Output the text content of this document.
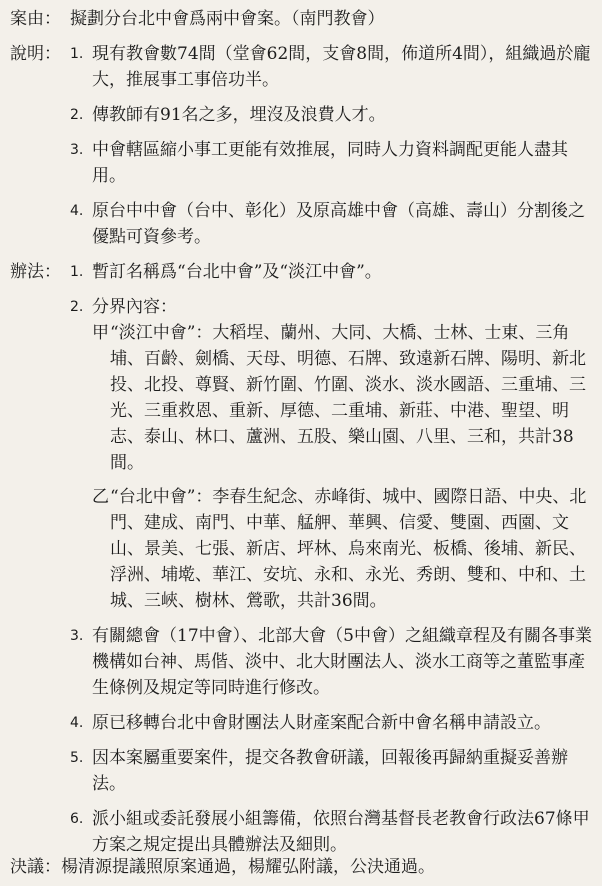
案由： 擬劃分台北中會爲兩中會案。（南門教會）
說明： 1. 現有教會數74間（堂會62間，支會8間，佈道所4間），組織過於龐大，推展事工事倍功半。
2. 傳教師有91名之多，埋沒及浪費人才。
3. 中會轄區縮小事工更能有效推展，同時人力資料調配更能人盡其用。
4. 原台中中會（台中、彰化）及原高雄中會（高雄、壽山）分割後之優點可資參考。
辦法： 1. 暫訂名稱爲“台北中會”及“淡江中會”。
2. 分界內容：
甲 “淡江中會”：大稻埕、蘭州、大同、大橋、士林、士東、三角埔、百齡、劍橋、天母、明德、石牌、致遠新石牌、陽明、新北投、北投、尊賢、新竹圍、竹圍、淡水、淡水國語、三重埔、三光、三重救恩、重新、厚德、二重埔、新莊、中港、聖望、明志、泰山、林口、蘆洲、五股、樂山園、八里、三和，共計38間。
乙 “台北中會”：李春生紀念、赤峰街、城中、國際日語、中央、北門、建成、南門、中華、艋舺、華興、信愛、雙園、西園、文山、景美、七張、新店、坪林、烏來南光、板橋、後埔、新民、浮洲、埔墘、華江、安坑、永和、永光、秀朗、雙和、中和、土城、三峽、樹林、鶯歌，共計36間。
3. 有關總會（17中會）、北部大會（5中會）之組織章程及有關各事業機構如台神、馬偕、淡中、北大財團法人、淡水工商等之董監事產生條例及規定等同時進行修改。
4. 原已移轉台北中會財團法人財產案配合新中會名稱申請設立。
5. 因本案屬重要案件，提交各教會研議，回報後再歸納重擬妥善辦法。
6. 派小組或委託發展小組籌備，依照台灣基督長老教會行政法67條甲方案之規定提出具體辦法及細則。
決議：楊清源提議照原案通過，楊耀弘附議，公決通過。
